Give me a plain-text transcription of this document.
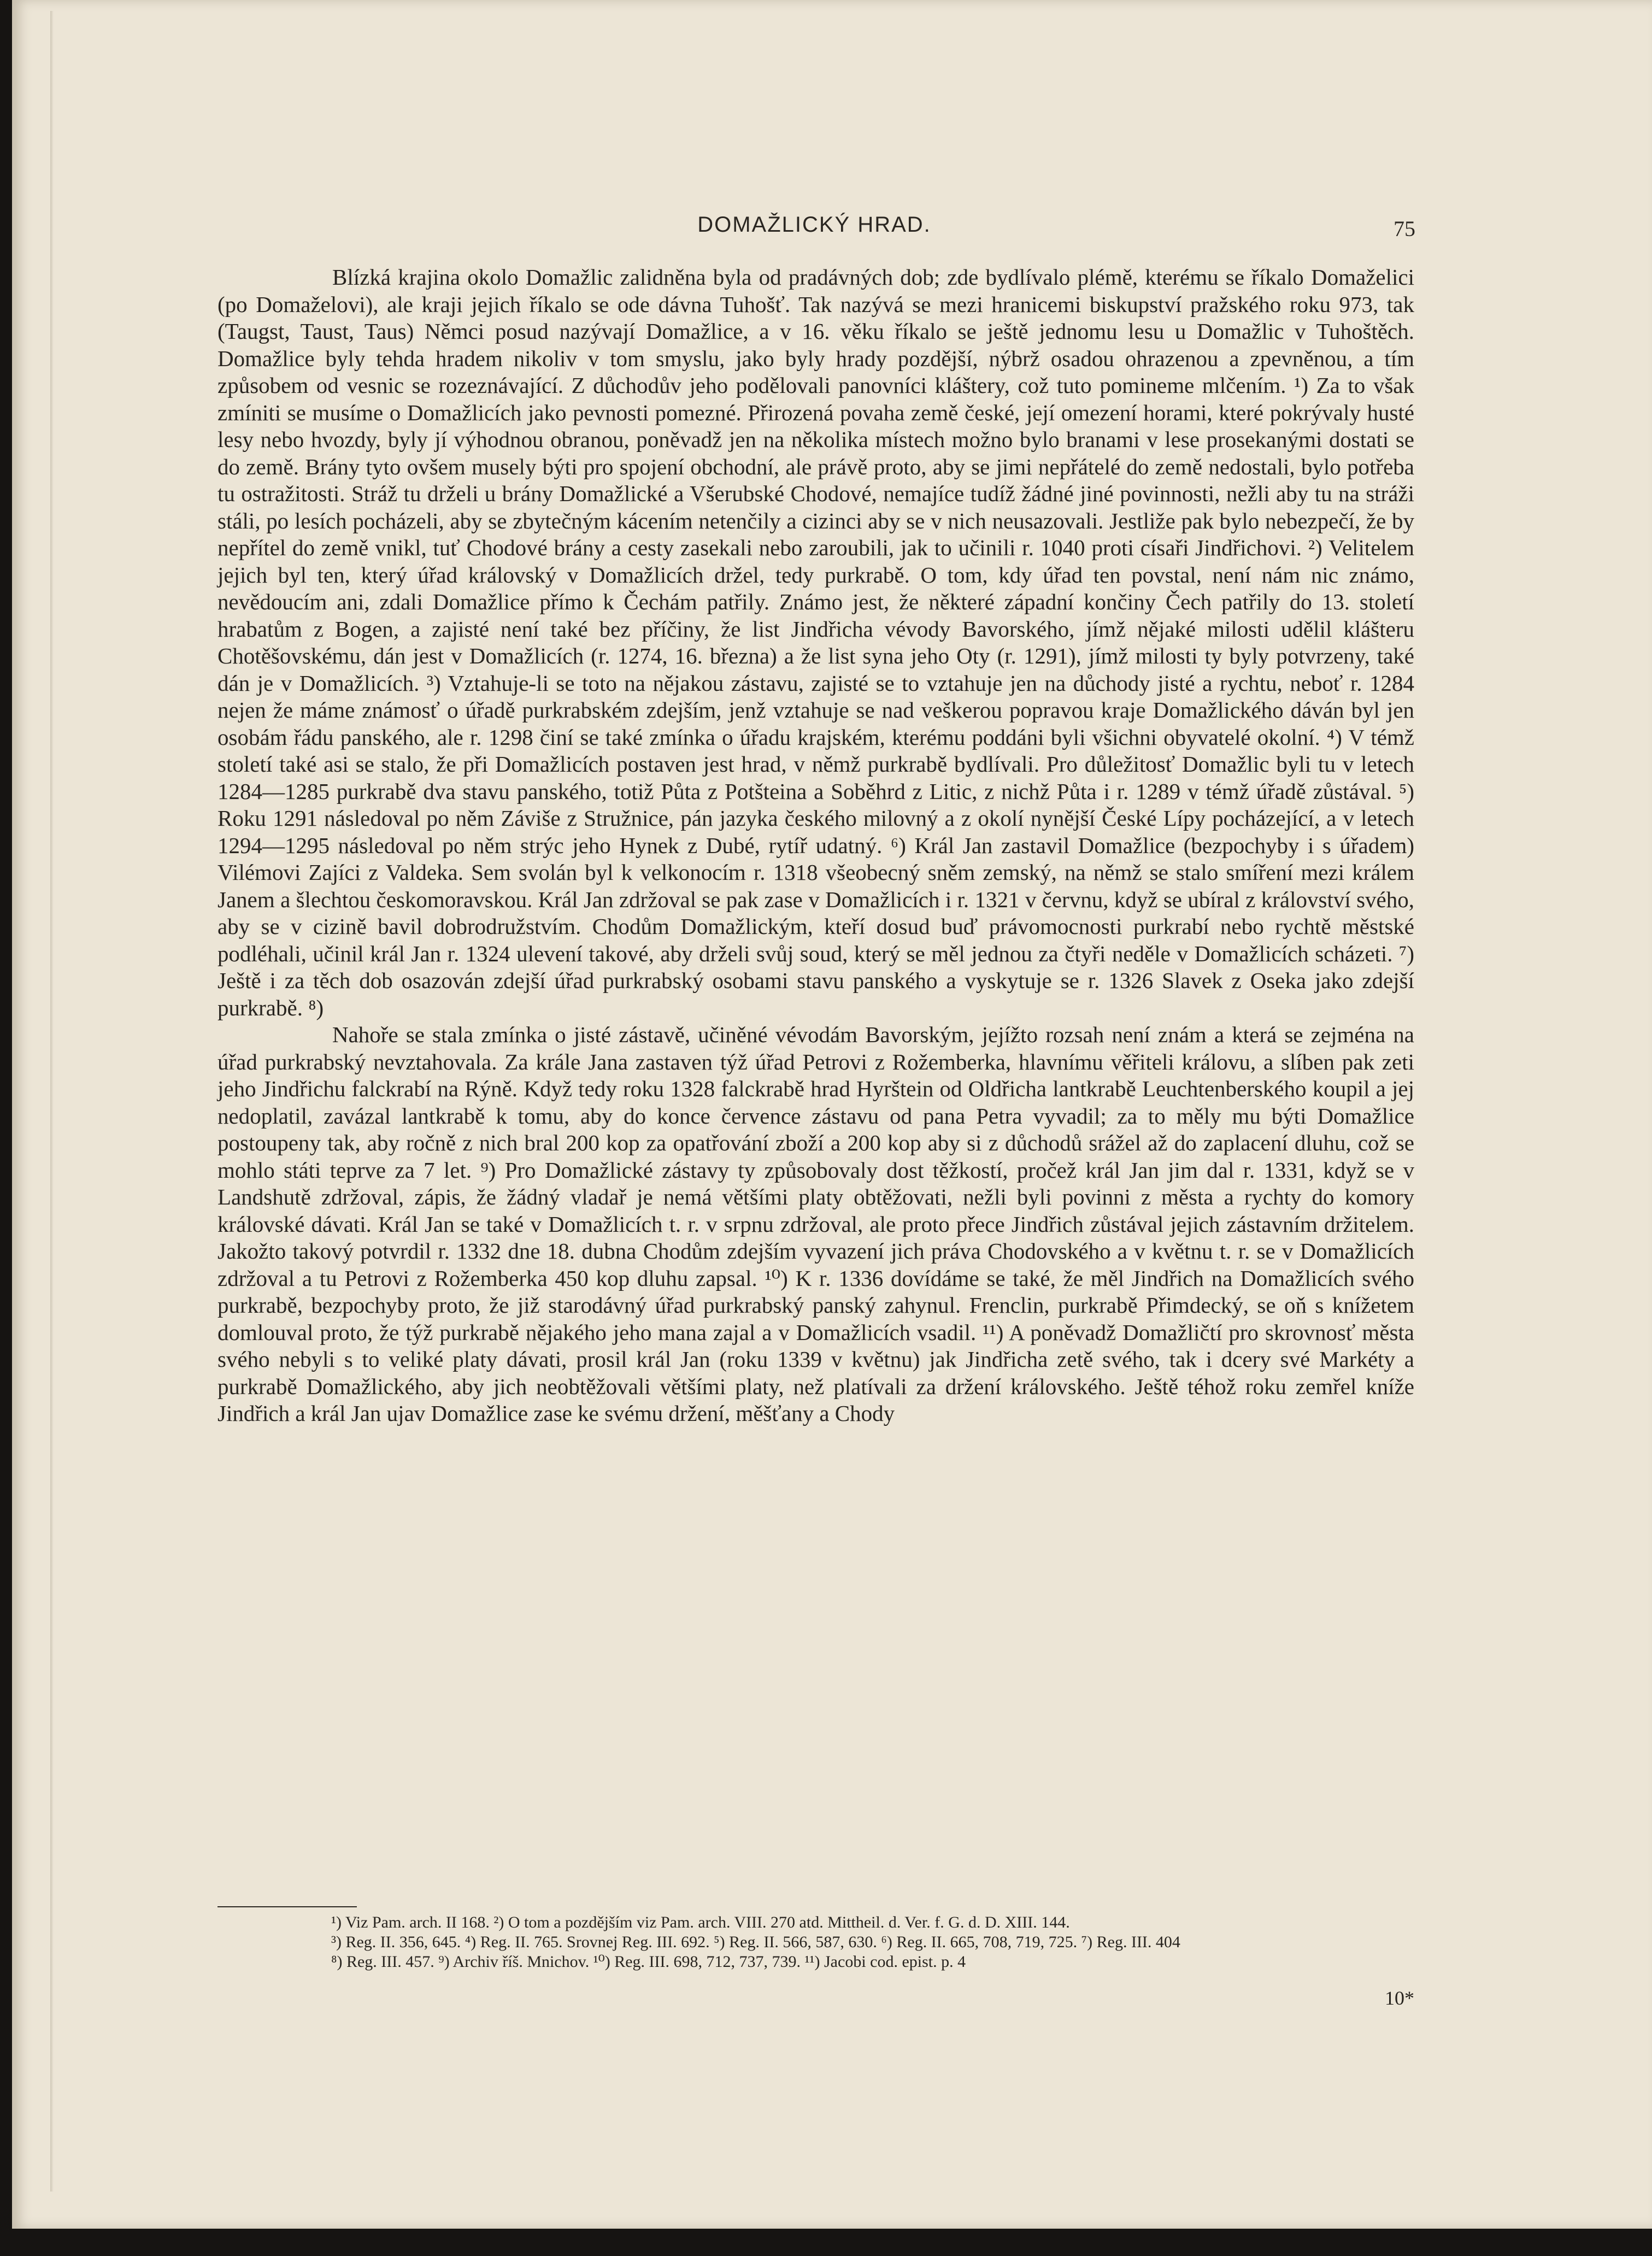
DOMAŽLICKÝ HRAD.	75

Blízká krajina okolo Domažlic zalidněna byla od pradávných dob; zde bydlívalo plémě, kterému se říkalo Domaželici (po Domaželovi), ale kraji jejich říkalo se ode dávna Tuhošť. Tak nazývá se mezi hranicemi biskupství pražského roku 973, tak (Taugst, Taust, Taus) Němci posud nazývají Domažlice, a v 16. věku říkalo se ještě jednomu lesu u Domažlic v Tuhoštěch. Domažlice byly tehda hradem nikoliv v tom smyslu, jako byly hrady pozdější, nýbrž osadou ohrazenou a zpevněnou, a tím způsobem od vesnic se rozeznávající. Z důchodův jeho podělovali panovníci kláštery, což tuto pomineme mlčením. ¹) Za to však zmíniti se musíme o Domažlicích jako pevnosti pomezné. Přirozená povaha země české, její omezení horami, které pokrývaly husté lesy nebo hvozdy, byly jí výhodnou obranou, poněvadž jen na několika místech možno bylo branami v lese prosekanými dostati se do země. Brány tyto ovšem musely býti pro spojení obchodní, ale právě proto, aby se jimi nepřátelé do země nedostali, bylo potřeba tu ostražitosti. Stráž tu drželi u brány Domažlické a Všerubské Chodové, nemajíce tudíž žádné jiné povinnosti, nežli aby tu na stráži stáli, po lesích pocházeli, aby se zbytečným kácením netenčily a cizinci aby se v nich neusazovali. Jestliže pak bylo nebezpečí, že by nepřítel do země vnikl, tuť Chodové brány a cesty zasekali nebo zaroubili, jak to učinili r. 1040 proti císaři Jindřichovi. ²) Velitelem jejich byl ten, který úřad královský v Domažlicích držel, tedy purkrabě. O tom, kdy úřad ten povstal, není nám nic známo, nevědoucím ani, zdali Domažlice přímo k Čechám patřily. Známo jest, že některé západní končiny Čech patřily do 13. století hrabatům z Bogen, a zajisté není také bez příčiny, že list Jindřicha vévody Bavorského, jímž nějaké milosti udělil klášteru Chotěšovskému, dán jest v Domažlicích (r. 1274, 16. března) a že list syna jeho Oty (r. 1291), jímž milosti ty byly potvrzeny, také dán je v Domažlicích. ³) Vztahuje-li se toto na nějakou zástavu, zajisté se to vztahuje jen na důchody jisté a rychtu, neboť r. 1284 nejen že máme známosť o úřadě purkrabském zdejším, jenž vztahuje se nad veškerou popravou kraje Domažlického dáván byl jen osobám řádu panského, ale r. 1298 činí se také zmínka o úřadu krajském, kterému poddáni byli všichni obyvatelé okolní. ⁴) V témž století také asi se stalo, že při Domažlicích postaven jest hrad, v němž purkrabě bydlívali. Pro důležitosť Domažlic byli tu v letech 1284—1285 purkrabě dva stavu panského, totiž Půta z Potšteina a Soběhrd z Litic, z nichž Půta i r. 1289 v témž úřadě zůstával. ⁵) Roku 1291 následoval po něm Záviše z Stružnice, pán jazyka českého milovný a z okolí nynější České Lípy pocházející, a v letech 1294—1295 následoval po něm strýc jeho Hynek z Dubé, rytíř udatný. ⁶) Král Jan zastavil Domažlice (bezpochyby i s úřadem) Vilémovi Zajíci z Valdeka. Sem svolán byl k velkonocím r. 1318 všeobecný sněm zemský, na němž se stalo smíření mezi králem Janem a šlechtou českomoravskou. Král Jan zdržoval se pak zase v Domažlicích i r. 1321 v červnu, když se ubíral z království svého, aby se v cizině bavil dobrodružstvím. Chodům Domažlickým, kteří dosud buď právomocnosti purkrabí nebo rychtě městské podléhali, učinil král Jan r. 1324 ulevení takové, aby drželi svůj soud, který se měl jednou za čtyři neděle v Domažlicích scházeti. ⁷) Ještě i za těch dob osazován zdejší úřad purkrabský osobami stavu panského a vyskytuje se r. 1326 Slavek z Oseka jako zdejší purkrabě. ⁸)

Nahoře se stala zmínka o jisté zástavě, učiněné vévodám Bavorským, jejížto rozsah není znám a která se zejména na úřad purkrabský nevztahovala. Za krále Jana zastaven týž úřad Petrovi z Rožemberka, hlavnímu věřiteli královu, a slíben pak zeti jeho Jindřichu falckrabí na Rýně. Když tedy roku 1328 falckrabě hrad Hyrštein od Oldřicha lantkrabě Leuchtenberského koupil a jej nedoplatil, zavázal lantkrabě k tomu, aby do konce července zástavu od pana Petra vyvadil; za to měly mu býti Domažlice postoupeny tak, aby ročně z nich bral 200 kop za opatřování zboží a 200 kop aby si z důchodů srážel až do zaplacení dluhu, což se mohlo státi teprve za 7 let. ⁹) Pro Domažlické zástavy ty způsobovaly dost těžkostí, pročež král Jan jim dal r. 1331, když se v Landshutě zdržoval, zápis, že žádný vladař je nemá většími platy obtěžovati, nežli byli povinni z města a rychty do komory královské dávati. Král Jan se také v Domažlicích t. r. v srpnu zdržoval, ale proto přece Jindřich zůstával jejich zástavním držitelem. Jakožto takový potvrdil r. 1332 dne 18. dubna Chodům zdejším vyvazení jich práva Chodovského a v květnu t. r. se v Domažlicích zdržoval a tu Petrovi z Rožemberka 450 kop dluhu zapsal. ¹⁰) K r. 1336 dovídáme se také, že měl Jindřich na Domažlicích svého purkrabě, bezpochyby proto, že již starodávný úřad purkrabský panský zahynul. Frenclin, purkrabě Přimdecký, se oň s knížetem domlouval proto, že týž purkrabě nějakého jeho mana zajal a v Domažlicích vsadil. ¹¹) A poněvadž Domažličtí pro skrovnosť města svého nebyli s to veliké platy dávati, prosil král Jan (roku 1339 v květnu) jak Jindřicha zetě svého, tak i dcery své Markéty a purkrabě Domažlického, aby jich neobtěžovali většími platy, než platívali za držení královského. Ještě téhož roku zemřel kníže Jindřich a král Jan ujav Domažlice zase ke svému držení, měšťany a Chody

¹) Viz Pam. arch. II 168. ²) O tom a pozdějším viz Pam. arch. VIII. 270 atd. Mittheil. d. Ver. f. G. d. D. XIII. 144.
³) Reg. II. 356, 645. ⁴) Reg. II. 765. Srovnej Reg. III. 692. ⁵) Reg. II. 566, 587, 630. ⁶) Reg. II. 665, 708, 719, 725. ⁷) Reg. III. 404
⁸) Reg. III. 457. ⁹) Archiv říš. Mnichov. ¹⁰) Reg. III. 698, 712, 737, 739. ¹¹) Jacobi cod. epist. p. 4
10*
